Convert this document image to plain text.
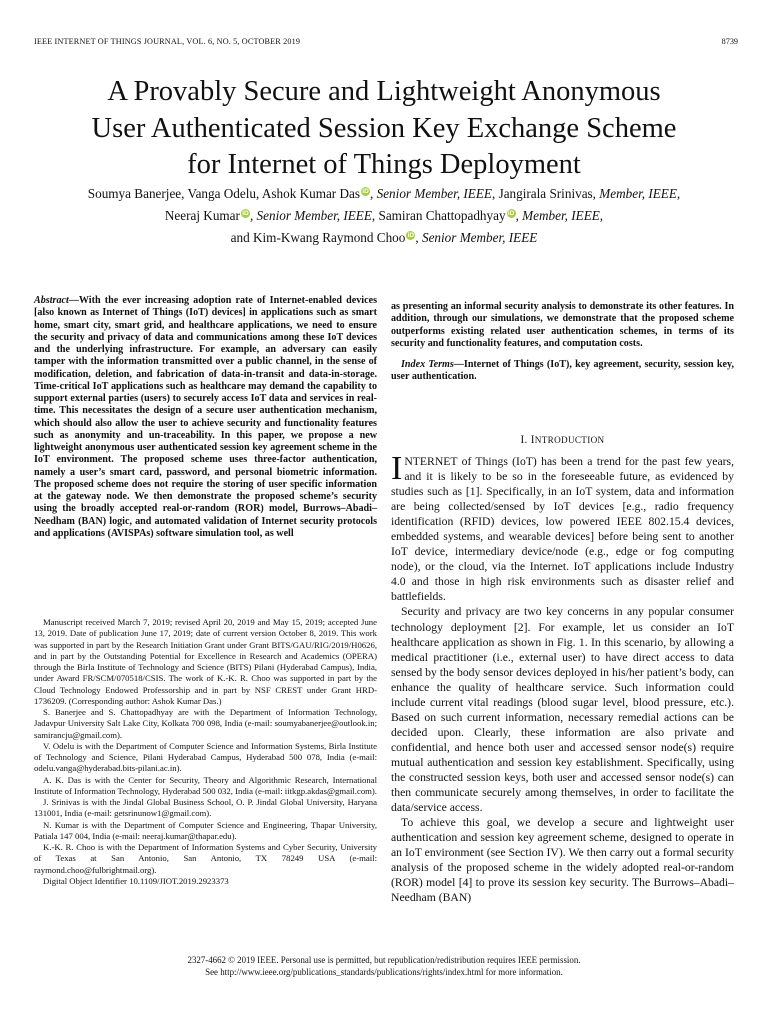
IEEE INTERNET OF THINGS JOURNAL, VOL. 6, NO. 5, OCTOBER 2019	8739
A Provably Secure and Lightweight Anonymous
User Authenticated Session Key Exchange Scheme
for Internet of Things Deployment
Soumya Banerjee, Vanga Odelu, Ashok Kumar Das iD, Senior Member, IEEE, Jangirala Srinivas, Member, IEEE,
Neeraj Kumar iD, Senior Member, IEEE, Samiran Chattopadhyay iD, Member, IEEE,
and Kim-Kwang Raymond Choo iD, Senior Member, IEEE
Abstract—With the ever increasing adoption rate of Internet-enabled devices [also known as Internet of Things (IoT) devices] in applications such as smart home, smart city, smart grid, and healthcare applications, we need to ensure the security and privacy of data and communications among these IoT devices and the underlying infrastructure. For example, an adversary can easily tamper with the information transmitted over a public channel, in the sense of modification, deletion, and fabrication of data-in-transit and data-in-storage. Time-critical IoT applications such as healthcare may demand the capability to support external parties (users) to securely access IoT data and services in real-time. This necessitates the design of a secure user authentication mechanism, which should also allow the user to achieve security and functionality features such as anonymity and un-traceability. In this paper, we propose a new lightweight anonymous user authenticated session key agreement scheme in the IoT environment. The proposed scheme uses three-factor authentication, namely a user’s smart card, password, and personal biometric information. The proposed scheme does not require the storing of user specific information at the gateway node. We then demonstrate the proposed scheme’s security using the broadly accepted real-or-random (ROR) model, Burrows–Abadi–Needham (BAN) logic, and automated validation of Internet security protocols and applications (AVISPAs) software simulation tool, as well

Manuscript received March 7, 2019; revised April 20, 2019 and May 15, 2019; accepted June 13, 2019. Date of publication June 17, 2019; date of current version October 8, 2019. This work was supported in part by the Research Initiation Grant under Grant BITS/GAU/RIG/2019/H0626, and in part by the Outstanding Potential for Excellence in Research and Academics (OPERA) through the Birla Institute of Technology and Science (BITS) Pilani (Hyderabad Campus), India, under Award FR/SCM/070518/CSIS. The work of K.-K. R. Choo was supported in part by the Cloud Technology Endowed Professorship and in part by NSF CREST under Grant HRD-1736209. (Corresponding author: Ashok Kumar Das.)

S. Banerjee and S. Chattopadhyay are with the Department of Information Technology, Jadavpur University Salt Lake City, Kolkata 700 098, India (e-mail: soumyabanerjee@outlook.in; samirancju@gmail.com).

V. Odelu is with the Department of Computer Science and Information Systems, Birla Institute of Technology and Science, Pilani Hyderabad Campus, Hyderabad 500 078, India (e-mail: odelu.vanga@hyderabad.bits-pilani.ac.in).

A. K. Das is with the Center for Security, Theory and Algorithmic Research, International Institute of Information Technology, Hyderabad 500 032, India (e-mail: iitkgp.akdas@gmail.com).

J. Srinivas is with the Jindal Global Business School, O. P. Jindal Global University, Haryana 131001, India (e-mail: getsrinunow1@gmail.com).

N. Kumar is with the Department of Computer Science and Engineering, Thapar University, Patiala 147 004, India (e-mail: neeraj.kumar@thapar.edu).

K.-K. R. Choo is with the Department of Information Systems and Cyber Security, University of Texas at San Antonio, San Antonio, TX 78249 USA (e-mail: raymond.choo@fulbrightmail.org).

Digital Object Identifier 10.1109/JIOT.2019.2923373

as presenting an informal security analysis to demonstrate its other features. In addition, through our simulations, we demonstrate that the proposed scheme outperforms existing related user authentication schemes, in terms of its security and functionality features, and computation costs.

Index Terms—Internet of Things (IoT), key agreement, security, session key, user authentication.

I. INTRODUCTION

INTERNET of Things (IoT) has been a trend for the past few years, and it is likely to be so in the foreseeable future, as evidenced by studies such as [1]. Specifically, in an IoT system, data and information are being collected/sensed by IoT devices [e.g., radio frequency identification (RFID) devices, low powered IEEE 802.15.4 devices, embedded systems, and wearable devices] before being sent to another IoT device, intermediary device/node (e.g., edge or fog computing node), or the cloud, via the Internet. IoT applications include Industry 4.0 and those in high risk environments such as disaster relief and battlefields.

Security and privacy are two key concerns in any popular consumer technology deployment [2]. For example, let us consider an IoT healthcare application as shown in Fig. 1. In this scenario, by allowing a medical practitioner (i.e., external user) to have direct access to data sensed by the body sensor devices deployed in his/her patient’s body, can enhance the quality of healthcare service. Such information could include current vital readings (blood sugar level, blood pressure, etc.). Based on such current information, necessary remedial actions can be decided upon. Clearly, these information are also private and confidential, and hence both user and accessed sensor node(s) require mutual authentication and session key establishment. Specifically, using the constructed session keys, both user and accessed sensor node(s) can then communicate securely among themselves, in order to facilitate the data/service access.

To achieve this goal, we develop a secure and lightweight user authentication and session key agreement scheme, designed to operate in an IoT environment (see Section IV). We then carry out a formal security analysis of the proposed scheme in the widely adopted real-or-random (ROR) model [4] to prove its session key security. The Burrows–Abadi–Needham (BAN)

2327-4662 © 2019 IEEE. Personal use is permitted, but republication/redistribution requires IEEE permission.
See http://www.ieee.org/publications_standards/publications/rights/index.html for more information.
